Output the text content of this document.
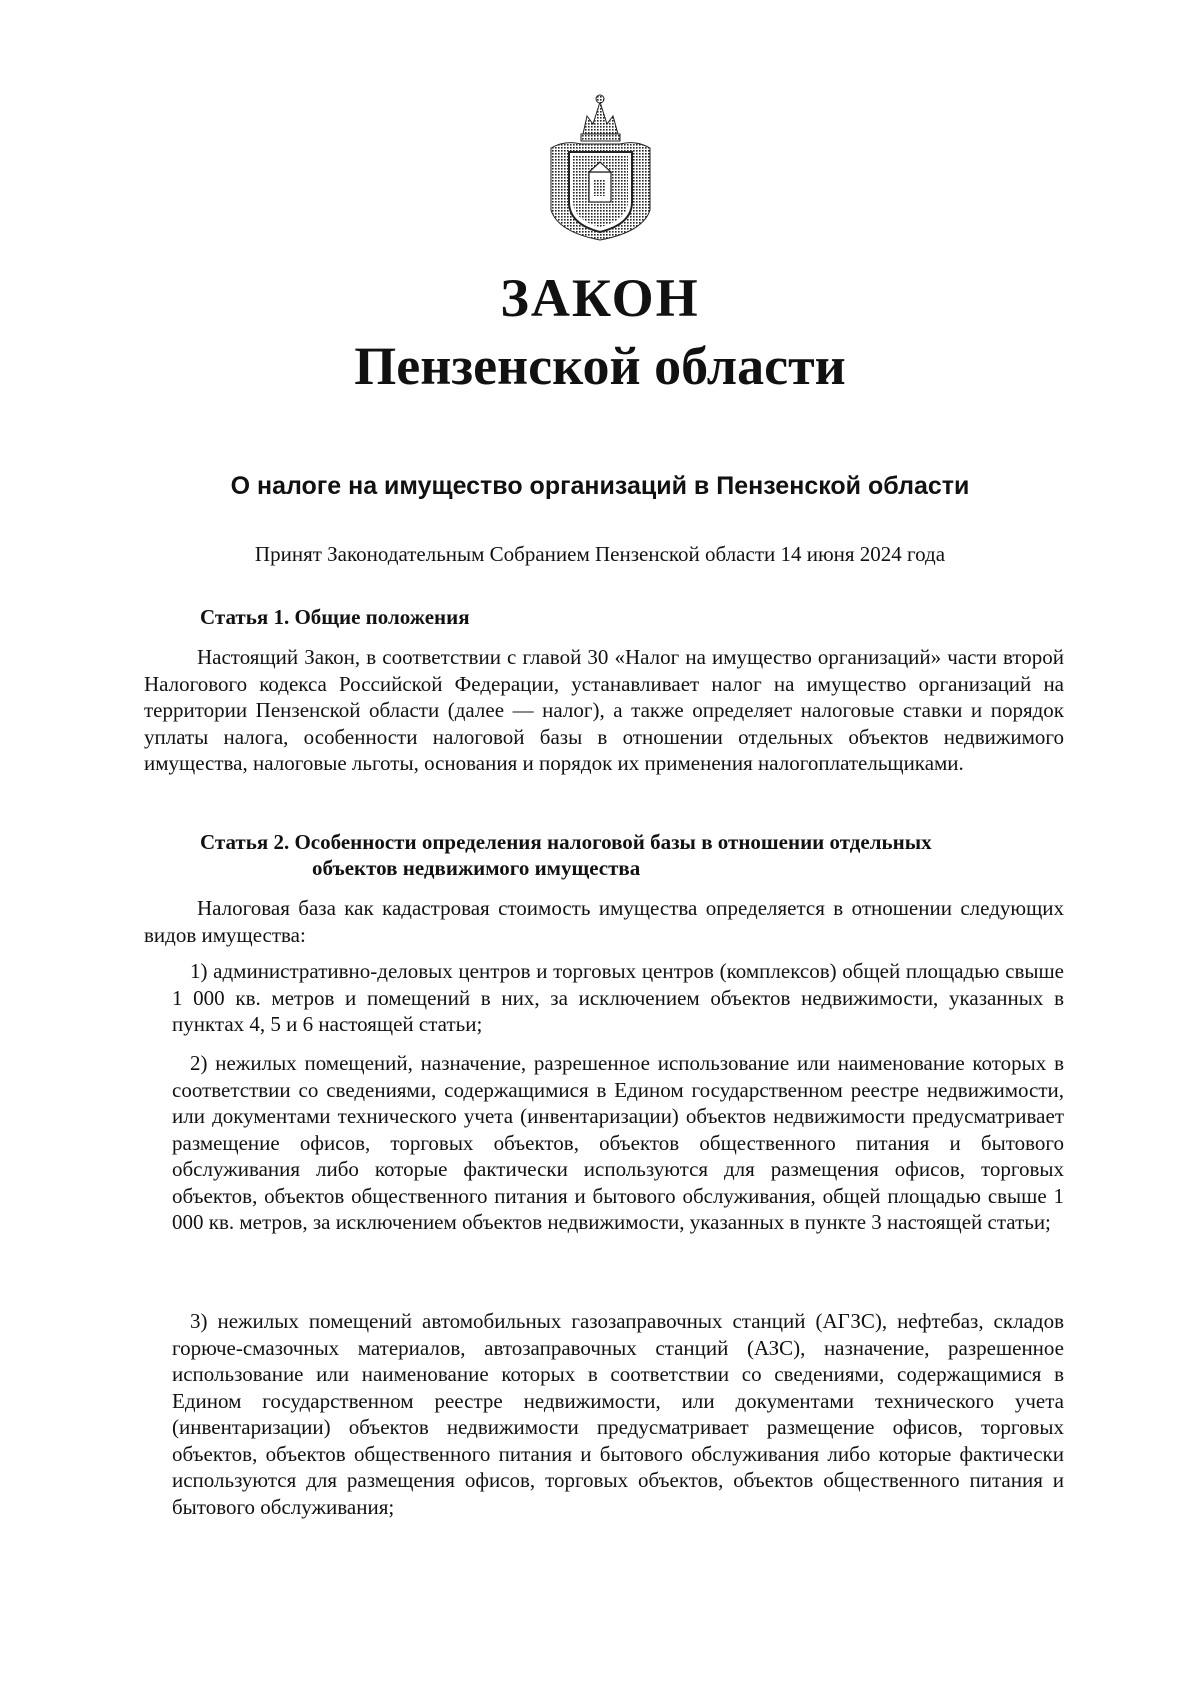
ЗАКОН
Пензенской области
О налоге на имущество организаций в Пензенской области
Принят Законодательным Собранием Пензенской области 14 июня 2024 года
Статья 1. Общие положения
Настоящий Закон, в соответствии с главой 30 «Налог на имущество организаций» части второй Налогового кодекса Российской Федерации, устанавливает налог на имущество организаций на территории Пензенской области (далее — налог), а также определяет налоговые ставки и порядок уплаты налога, особенности налоговой базы в отношении отдельных объектов недвижимого имущества, налоговые льготы, основания и порядок их применения налогоплательщиками.
Статья 2. Особенности определения налоговой базы в отношении отдельных
объектов недвижимого имущества
Налоговая база как кадастровая стоимость имущества определяется в отношении следующих видов имущества:
1) административно-деловых центров и торговых центров (комплексов) общей площадью свыше 1 000 кв. метров и помещений в них, за исключением объектов недвижимости, указанных в пунктах 4, 5 и 6 настоящей статьи;
2) нежилых помещений, назначение, разрешенное использование или наименование которых в соответствии со сведениями, содержащимися в Едином государственном реестре недвижимости, или документами технического учета (инвентаризации) объектов недвижимости предусматривает размещение офисов, торговых объектов, объектов общественного питания и бытового обслуживания либо которые фактически используются для размещения офисов, торговых объектов, объектов общественного питания и бытового обслуживания, общей площадью свыше 1 000 кв. метров, за исключением объектов недвижимости, указанных в пункте 3 настоящей статьи;
3) нежилых помещений автомобильных газозаправочных станций (АГЗС), нефтебаз, складов горюче-смазочных материалов, автозаправочных станций (АЗС), назначение, разрешенное использование или наименование которых в соответствии со сведениями, содержащимися в Едином государственном реестре недвижимости, или документами технического учета (инвентаризации) объектов недвижимости предусматривает размещение офисов, торговых объектов, объектов общественного питания и бытового обслуживания либо которые фактически используются для размещения офисов, торговых объектов, объектов общественного питания и бытового обслуживания;
